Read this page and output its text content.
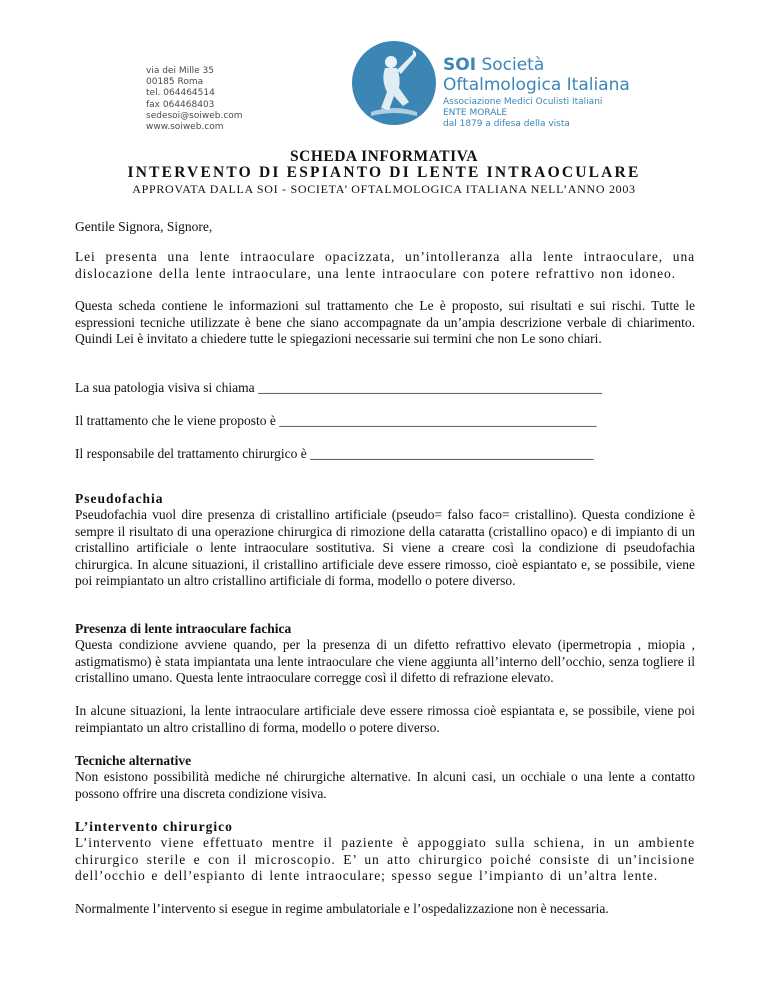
via dei Mille 35
00185 Roma
tel. 064464514
fax 064468403
sedesoi@soiweb.com
www.soiweb.com
SOI Società
Oftalmologica Italiana
Associazione Medici Oculisti Italiani
ENTE MORALE
dal 1879 a difesa della vista
SCHEDA INFORMATIVA
INTERVENTO DI ESPIANTO DI LENTE INTRAOCULARE
APPROVATA DALLA SOI - SOCIETA’ OFTALMOLOGICA ITALIANA NELL’ANNO 2003
Gentile Signora, Signore,
Lei presenta una lente intraoculare opacizzata, un’intolleranza alla lente intraoculare, una dislocazione della lente intraoculare, una lente intraoculare con potere refrattivo non idoneo.
Questa scheda contiene le informazioni sul trattamento che Le è proposto, sui risultati e sui rischi. Tutte le espressioni tecniche utilizzate è bene che siano accompagnate da un’ampia descrizione verbale di chiarimento. Quindi Lei è invitato a chiedere tutte le spiegazioni necessarie sui termini che non Le sono chiari.
La sua patologia visiva si chiama ___________________________________________________
Il trattamento che le viene proposto è _______________________________________________
Il responsabile del trattamento chirurgico è __________________________________________
Pseudofachia
Pseudofachia vuol dire presenza di cristallino artificiale (pseudo= falso faco= cristallino). Questa condizione è sempre il risultato di una operazione chirurgica di rimozione della cataratta (cristallino opaco) e di impianto di un cristallino artificiale o lente intraoculare sostitutiva. Si viene a creare così la condizione di pseudofachia chirurgica. In alcune situazioni, il cristallino artificiale deve essere rimosso, cioè espiantato e, se possibile, viene poi reimpiantato un altro cristallino artificiale di forma, modello o potere diverso.
Presenza di lente intraoculare fachica
Questa condizione avviene quando, per la presenza di un difetto refrattivo elevato (ipermetropia , miopia , astigmatismo) è stata impiantata una lente intraoculare che viene aggiunta all’interno dell’occhio, senza togliere il cristallino umano. Questa lente intraoculare corregge così il difetto di refrazione elevato.
In alcune situazioni, la lente intraoculare artificiale deve essere rimossa cioè espiantata e, se possibile, viene poi reimpiantato un altro cristallino di forma, modello o potere diverso.
Tecniche alternative
Non esistono possibilità mediche né chirurgiche alternative. In alcuni casi, un occhiale o una lente a contatto possono offrire una discreta condizione visiva.
L’intervento chirurgico
L’intervento viene effettuato mentre il paziente è appoggiato sulla schiena, in un ambiente chirurgico sterile e con il microscopio. E’ un atto chirurgico poiché consiste di un’incisione dell’occhio e dell’espianto di lente intraoculare; spesso segue l’impianto di un’altra lente.
Normalmente l’intervento si esegue in regime ambulatoriale e l’ospedalizzazione non è necessaria.
